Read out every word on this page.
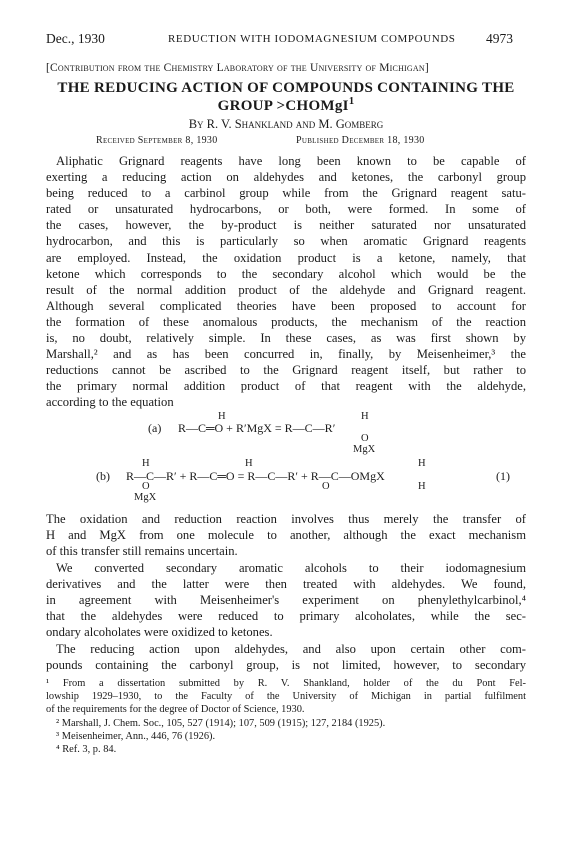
Dec., 1930	REDUCTION WITH IODOMAGNESIUM COMPOUNDS 4973
[Contribution from the Chemistry Laboratory of the University of Michigan]
THE REDUCING ACTION OF COMPOUNDS CONTAINING THE
GROUP >CHOMgI$^1$
By R. V. Shankland and M. Gomberg
Received September 8, 1930	Published December 18, 1930
Aliphatic Grignard reagents have long been known to be capable of
exerting a reducing action on aldehydes and ketones, the carbonyl group
being reduced to a carbinol group while from the Grignard reagent satu-
rated or unsaturated hydrocarbons, or both, were formed. In some of
the cases, however, the by-product is neither saturated nor unsaturated
hydrocarbon, and this is particularly so when aromatic Grignard reagents
are employed. Instead, the oxidation product is a ketone, namely, that
ketone which corresponds to the secondary alcohol which would be the
result of the normal addition product of the aldehyde and Grignard reagent.
Although several complicated theories have been proposed to account for
the formation of these anomalous products, the mechanism of the reaction
is, no doubt, relatively simple. In these cases, as was first shown by
Marshall,² and as has been concurred in, finally, by Meisenheimer,³ the
reductions cannot be ascribed to the Grignard reagent itself, but rather to
the primary normal addition product of that reagent with the aldehyde,
according to the equation
H	H
(a) R—C═O + R′MgX = R—C—R′
O
MgX
H	H	H
(b) R—C—R′ + R—C═O = R—C—R′ + R—C—OMgX	(1)
O	O	H
MgX
The oxidation and reduction reaction involves thus merely the transfer of
H and MgX from one molecule to another, although the exact mechanism
of this transfer still remains uncertain.
We converted secondary aromatic alcohols to their iodomagnesium
derivatives and the latter were then treated with aldehydes. We found,
in agreement with Meisenheimer's experiment on phenylethylcarbinol,⁴
that the aldehydes were reduced to primary alcoholates, while the sec-
ondary alcoholates were oxidized to ketones.
The reducing action upon aldehydes, and also upon certain other com-
pounds containing the carbonyl group, is not limited, however, to secondary
¹ From a dissertation submitted by R. V. Shankland, holder of the du Pont Fel-
lowship 1929–1930, to the Faculty of the University of Michigan in partial fulfilment
of the requirements for the degree of Doctor of Science, 1930.
² Marshall, J. Chem. Soc., 105, 527 (1914); 107, 509 (1915); 127, 2184 (1925).
³ Meisenheimer, Ann., 446, 76 (1926).
⁴ Ref. 3, p. 84.
